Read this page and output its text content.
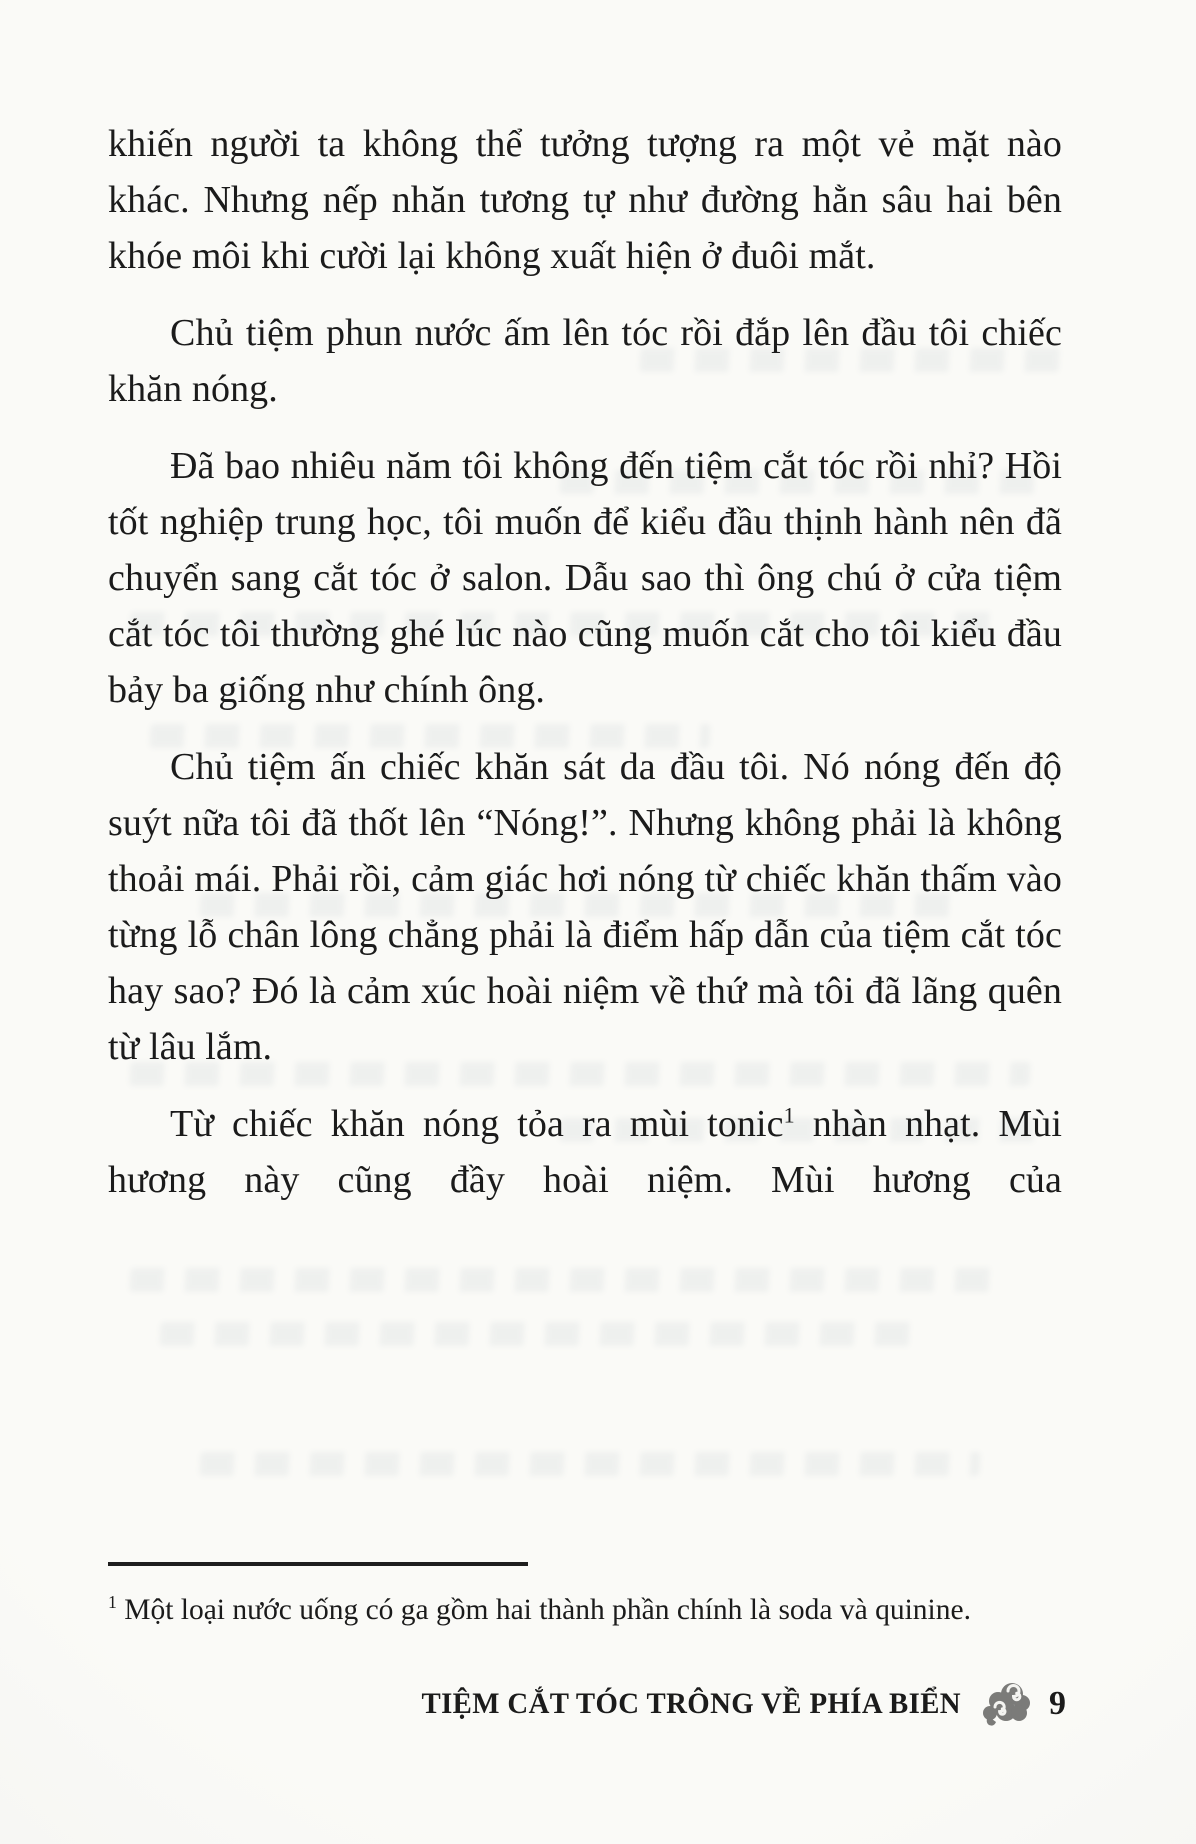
khiến người ta không thể tưởng tượng ra một vẻ mặt nào khác. Nhưng nếp nhăn tương tự như đường hằn sâu hai bên khóe môi khi cười lại không xuất hiện ở đuôi mắt.

Chủ tiệm phun nước ấm lên tóc rồi đắp lên đầu tôi chiếc khăn nóng.

Đã bao nhiêu năm tôi không đến tiệm cắt tóc rồi nhỉ? Hồi tốt nghiệp trung học, tôi muốn để kiểu đầu thịnh hành nên đã chuyển sang cắt tóc ở salon. Dẫu sao thì ông chú ở cửa tiệm cắt tóc tôi thường ghé lúc nào cũng muốn cắt cho tôi kiểu đầu bảy ba giống như chính ông.

Chủ tiệm ấn chiếc khăn sát da đầu tôi. Nó nóng đến độ suýt nữa tôi đã thốt lên “Nóng!”. Nhưng không phải là không thoải mái. Phải rồi, cảm giác hơi nóng từ chiếc khăn thấm vào từng lỗ chân lông chẳng phải là điểm hấp dẫn của tiệm cắt tóc hay sao? Đó là cảm xúc hoài niệm về thứ mà tôi đã lãng quên từ lâu lắm.

Từ chiếc khăn nóng tỏa ra mùi tonic$^1$ nhàn nhạt. Mùi hương này cũng đầy hoài niệm. Mùi hương của

$^1$ Một loại nước uống có ga gồm hai thành phần chính là soda và quinine.

TIỆM CẮT TÓC TRÔNG VỀ PHÍA BIỂN	9
